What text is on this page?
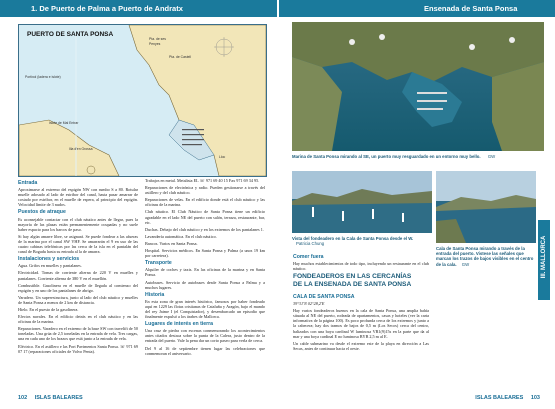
1. De Puerto de Palma a Puerto de Andratx	Ensenada de Santa Ponsa
PUERTO DE SANTA PONSA
Pta. de ses
Penyes
Pta. de Castell
Portixol (ladera e islote)
Islote de Mal Entrar
Illa d'en Grossa
Lloc	Marina de Santa Ponsa mirando al SE, un puerto muy resguardado en un entorno muy bello. GW
Vista del fondeadero en la Cala de Santa Ponsa desde el W. Patricia Chung
Cala de Santa Ponsa mirando a través de la entrada del puerto. Vistese las señales que marcan los trazos de bajos visibles en el centro de la cala. GW
Entrada

Aproximarse al extremo del espigón NW con rumbo S a 80. Rotular muelle adosado al lado de estribor del canal, hasta pasar amarrar de costado por estribor, en el muelle de espera, al principio del espigón. Velocidad límite de 3 nudos.

Puestos de atraque

Es aconsejable contactar con el club náutico antes de llegar, pues la mayoría de las plazas están permanentemente ocupadas y no suele haber espacio para los barcos de paso.

Si hay algún amarre libre, se asignará. Se puede fondear a las afueras de la marina por el canal SW VHF. Se amarrarán el 9 en uso de las cuatro cabinas telefónicas por las cerca de la isla en el pantalán del canal de Bogadu hasta su entrada al la de amarra.

Instalaciones y servicios

Agua. Grifos en muelles y pantalanes.

Electricidad. Tomas de corriente alterna de 220 V en muelles y pantalanes. Corriente alterna de 380 V en el muellón.

Combustible. Gasolinera en el muelle de llegada al comienzo del espigón y en uno de los pantalanes de abrigo.

Varadero. Un superestructura, junto al lado del club náutico y muelles de Santa Ponsa a menos de 2 km de distancia.

Hielo. En el puesto de la gasolinera.

Efectos navales. En el edificio detrás en el club náutico y en las oficinas de la marina.

Reparaciones. Varadero en el extremo de la base SW con travelift de 50 toneladas. Una grúa de 2,5 toneladas en la entrada de vela. Tres cargas, una en cada uno de los brazos que está junto a la entrada de vela.

Eléctrico. En el astillero e las Port Pavimentos Santa Ponsa. ☏ 971 69 07 17 (reparaciones oficiales de Volvo Penta).

Trabajos en metal. Metalista EL ☏ 971 69 40 15 Fax 971 69 34 95.

Reparaciones de electrónica y radio. Pueden gestionarse a través del astillero y del club náutico.

Reparaciones de velas. En el edificio donde está el club náutico y las oficinas de la marina.

Club náutico. El Club Náutico de Santa Ponsa tiene un edificio agradable en el lado NE del puerto con salón, terraza, restaurante, bar, etc.

Duchas. Debajo del club náutico y en los extremos de los pantalanes 1.

Lavandería automática. En el club náutico.

Bancos. Varios en Santa Ponsa.

Hospital. Servicios médicos. En Santa Ponsa y Palma (a unos 19 km por carretera).

Transporte

Alquiler de coches y taxis. En las oficinas de la marina y en Santa Ponsa.

Autobuses. Servicio de autobuses desde Santa Ponsa a Palma y a muchos lugares.

Historia

En esta zona de gran interés histórico, famosos por haber fondeado aquí en 1229 las flotas cristianas de Cataluña y Aragón, bajo el mando del rey Jaime I (el Conquistador), y desembarcado un episodio que finalmente expulsó a los árabes de Mallorca.

Lugares de interés en tierra

Una cruz de piedra con escenas conmemorando los acontecimientos antes citados destaca sobre la punta de la Calera, justo dentro de la entrada del puerto. Vale la pena dar un corto paseo para verla de cerca.

Del 9 al 16 de septiembre tienen lugar las celebraciones que conmemoran el aniversario.

Comer fuera

Hay muchos establecimientos de todo tipo, incluyendo un restaurante en el club náutico.

FONDEADEROS EN LAS CERCANÍAS DE LA ENSENADA DE SANTA PONSA
CALA DE SANTA PONSA

39°31'N 02°28,2'E

Hay varios fondeaderos buenos en la cala de Santa Ponsa, una amplia bahía situada al NE del puerto, rodeada de apartamentos, casas y hoteles (ver la carta informativa de la página 100). Es poco profunda cerca de los extremos y junto a la cabecera; hay dos tramos de bajos de 0,5 m (Los Secos) cerca del centro, balizados con una boya cardinal W luminosa VR1(9)15s en la parte que da al mar y una boya cardinal E no luminosa BYB 2,5 m al E.

Un cable submarino va desde el extremo este de la playa en dirección a Las Secas, antes de continuar hacia el oeste.

III. MALLORCA
102 ISLAS BALEARES	ISLAS BALEARES 103
